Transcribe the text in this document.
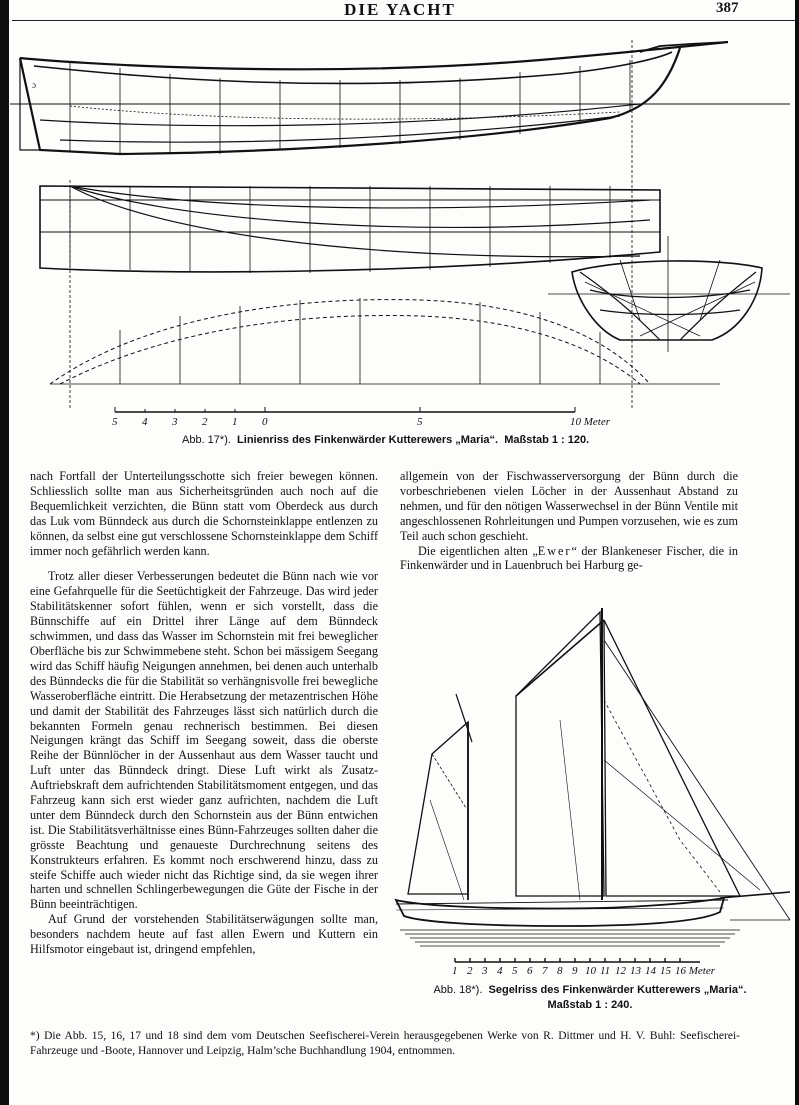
DIE YACHT	387
ɔ
5 4 3 2 1 0	5	10 Meter
Abb. 17*). Linienriss des Finkenwärder Kutterewers „Maria“. Maßstab 1 : 120.
1 2 3 4 5 6 7 8 9 10 11 12 13 14 15 16 Meter
Abb. 18*). Segelriss des Finkenwärder Kutterewers „Maria“.
Maßstab 1 : 240.

nach Fortfall der Unterteilungsschotte sich freier bewegen können. Schliesslich sollte man aus Sicherheitsgründen auch noch auf die Bequemlichkeit verzichten, die Bünn statt vom Oberdeck aus durch das Luk vom Bünndeck aus durch die Schornsteinklappe entlenzen zu können, da selbst eine gut verschlossene Schornsteinklappe dem Schiff immer noch gefährlich werden kann.

Trotz aller dieser Verbesserungen bedeutet die Bünn nach wie vor eine Gefahrquelle für die Seetüchtigkeit der Fahrzeuge. Das wird jeder Stabilitätskenner sofort fühlen, wenn er sich vorstellt, dass die Bünnschiffe auf ein Drittel ihrer Länge auf dem Bünndeck schwimmen, und dass das Wasser im Schornstein mit frei beweglicher Oberfläche bis zur Schwimmebene steht. Schon bei mässigem Seegang wird das Schiff häufig Neigungen annehmen, bei denen auch unterhalb des Bünndecks die für die Stabilität so verhängnisvolle frei bewegliche Wasseroberfläche eintritt. Die Herabsetzung der metazentrischen Höhe und damit der Stabilität des Fahrzeuges lässt sich natürlich durch die bekannten Formeln genau rechnerisch bestimmen. Bei diesen Neigungen krängt das Schiff im Seegang soweit, dass die oberste Reihe der Bünnlöcher in der Aussenhaut aus dem Wasser taucht und Luft unter das Bünndeck dringt. Diese Luft wirkt als Zusatz-Auftriebskraft dem aufrichtenden Stabilitätsmoment entgegen, und das Fahrzeug kann sich erst wieder ganz aufrichten, nachdem die Luft unter dem Bünndeck durch den Schornstein aus der Bünn entwichen ist. Die Stabilitätsverhältnisse eines Bünn-Fahrzeuges sollten daher die grösste Beachtung und genaueste Durchrechnung seitens des Konstrukteurs erfahren. Es kommt noch erschwerend hinzu, dass zu steife Schiffe auch wieder nicht das Richtige sind, da sie wegen ihrer harten und schnellen Schlingerbewegungen die Güte der Fische in der Bünn beeinträchtigen.

Auf Grund der vorstehenden Stabilitätserwägungen sollte man, besonders nachdem heute auf fast allen Ewern und Kuttern ein Hilfsmotor eingebaut ist, dringend empfehlen,

allgemein von der Fischwasserversorgung der Bünn durch die vorbeschriebenen vielen Löcher in der Aussenhaut Abstand zu nehmen, und für den nötigen Wasserwechsel in der Bünn Ventile mit angeschlossenen Rohrleitungen und Pumpen vorzusehen, wie es zum Teil auch schon geschieht.

Die eigentlichen alten „Ewer“ der Blankeneser Fischer, die in Finkenwärder und in Lauenbruch bei Harburg ge-

*) Die Abb. 15, 16, 17 und 18 sind dem vom Deutschen Seefischerei-Verein herausgegebenen Werke von R. Dittmer und H. V. Buhl: Seefischerei-Fahrzeuge und -Boote, Hannover und Leipzig, Halm’sche Buchhandlung 1904, entnommen.
